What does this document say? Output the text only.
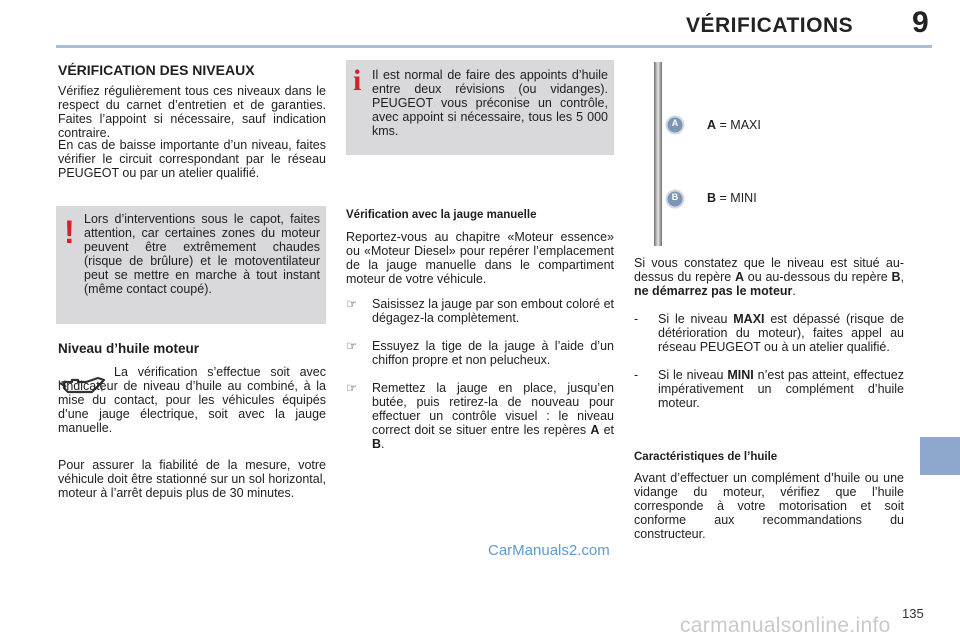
VÉRIFICATIONS 9
VÉRIFICATION DES NIVEAUX

Vérifiez régulièrement tous ces niveaux dans le respect du carnet d’entretien et de garanties. Faites l’appoint si nécessaire, sauf indication contraire.

En cas de baisse importante d’un niveau, faites vérifier le circuit correspondant par le réseau PEUGEOT ou par un atelier qualifié.

! Lors d’interventions sous le capot, faites attention, car certaines zones du moteur peuvent être extrêmement chaudes (risque de brûlure) et le motoventilateur peut se mettre en marche à tout instant (même contact coupé).

Niveau d’huile moteur

La vérification s’effectue soit avec l’indicateur de niveau d’huile au combiné, à la mise du contact, pour les véhicules équipés d’une jauge électrique, soit avec la jauge manuelle.

Pour assurer la fiabilité de la mesure, votre véhicule doit être stationné sur un sol horizontal, moteur à l’arrêt depuis plus de 30 minutes.

i Il est normal de faire des appoints d’huile entre deux révisions (ou vidanges). PEUGEOT vous préconise un contrôle, avec appoint si nécessaire, tous les 5 000 kms.

Vérification avec la jauge manuelle

Reportez-vous au chapitre «Moteur essence» ou «Moteur Diesel» pour repérer l’emplacement de la jauge manuelle dans le compartiment moteur de votre véhicule.

☞	Saisissez la jauge par son embout coloré et dégagez-la complètement.
☞	Essuyez la tige de la jauge à l’aide d’un chiffon propre et non pelucheux.
☞	Remettez la jauge en place, jusqu’en butée, puis retirez-la de nouveau pour effectuer un contrôle visuel : le niveau correct doit se situer entre les repères A et B.
A
B
A = MAXI
B = MINI

Si vous constatez que le niveau est situé au-dessus du repère A ou au-dessous du repère B, ne démarrez pas le moteur.

-	Si le niveau MAXI est dépassé (risque de détérioration du moteur), faites appel au réseau PEUGEOT ou à un atelier qualifié.
-	Si le niveau MINI n’est pas atteint, effectuez impérativement un complément d’huile moteur.
Caractéristiques de l’huile

Avant d’effectuer un complément d’huile ou une vidange du moteur, vérifiez que l’huile corresponde à votre motorisation et soit conforme aux recommandations du constructeur.

CarManuals2.com
135
carmanualsonline.info
